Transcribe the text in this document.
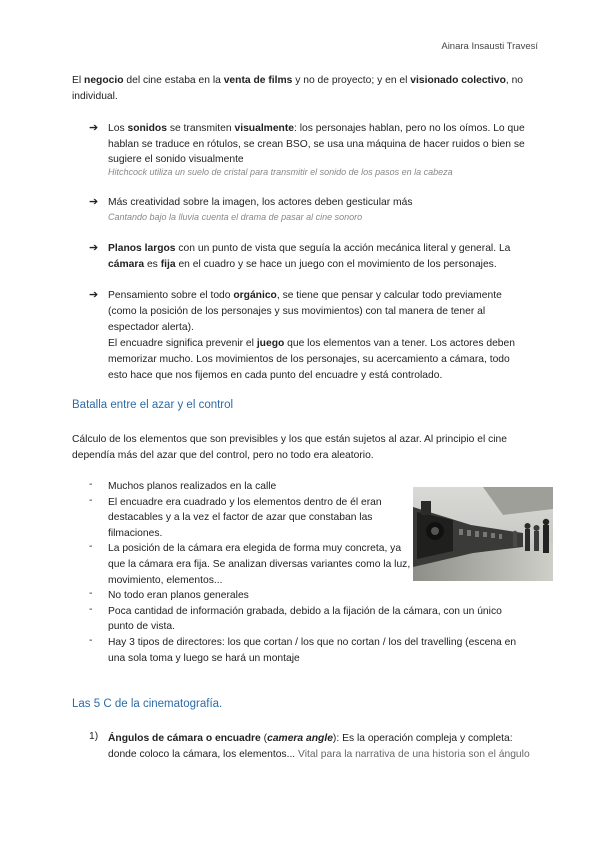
Ainara Insausti Travesí
El negocio del cine estaba en la venta de films y no de proyecto; y en el visionado colectivo, no
individual.
➔ Los sonidos se transmiten visualmente: los personajes hablan, pero no los oímos. Lo que
hablan se traduce en rótulos, se crean BSO, se usa una máquina de hacer ruidos o bien se
sugiere el sonido visualmente
Hitchcock utiliza un suelo de cristal para transmitir el sonido de los pasos en la cabeza
➔ Más creatividad sobre la imagen, los actores deben gesticular más
Cantando bajo la lluvia cuenta el drama de pasar al cine sonoro
➔ Planos largos con un punto de vista que seguía la acción mecánica literal y general. La
cámara es fija en el cuadro y se hace un juego con el movimiento de los personajes.
➔ Pensamiento sobre el todo orgánico, se tiene que pensar y calcular todo previamente
(como la posición de los personajes y sus movimientos) con tal manera de tener al
espectador alerta).
El encuadre significa prevenir el juego que los elementos van a tener. Los actores deben
memorizar mucho. Los movimientos de los personajes, su acercamiento a cámara, todo
esto hace que nos fijemos en cada punto del encuadre y está controlado.
Batalla entre el azar y el control
Cálculo de los elementos que son previsibles y los que están sujetos al azar. Al principio el cine
dependía más del azar que del control, pero no todo era aleatorio.
- Muchos planos realizados en la calle
- El encuadre era cuadrado y los elementos dentro de él eran
destacables y a la vez el factor de azar que constaban las
filmaciones.
- La posición de la cámara era elegida de forma muy concreta, ya
que la cámara era fija. Se analizan diversas variantes como la luz,
movimiento, elementos...
- No todo eran planos generales
- Poca cantidad de información grabada, debido a la fijación de la cámara, con un único
punto de vista.
- Hay 3 tipos de directores: los que cortan / los que no cortan / los del travelling (escena en
una sola toma y luego se hará un montaje
Las 5 C de la cinematografía.
1) Ángulos de cámara o encuadre (camera angle): Es la operación compleja y completa:
donde coloco la cámara, los elementos... Vital para la narrativa de una historia son el ángulo
